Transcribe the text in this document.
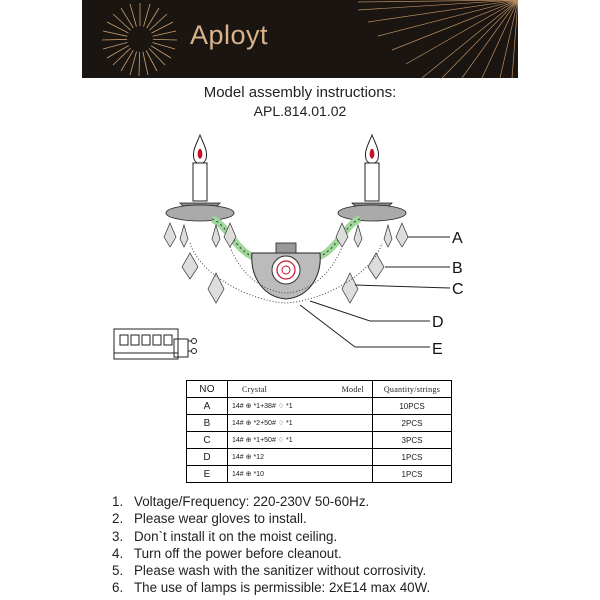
Aployt
Model assembly instructions:
APL.814.01.02
A
B
C
D
E
NO	Crystal Model	Quantity/strings
A	14# ⊕ *1+38# ♢ *1	10PCS
B	14# ⊕ *2+50# ♢ *1	2PCS
C	14# ⊕ *1+50# ♢ *1	3PCS
D	14# ⊕ *12	1PCS
E	14# ⊕ *10	1PCS
1. Voltage/Frequency: 220-230V 50-60Hz.
2. Please wear gloves to install.
3. Don`t install it on the moist ceiling.
4. Turn off the power before cleanout.
5. Please wash with the sanitizer without corrosivity.
6. The use of lamps is permissible: 2xE14 max 40W.
